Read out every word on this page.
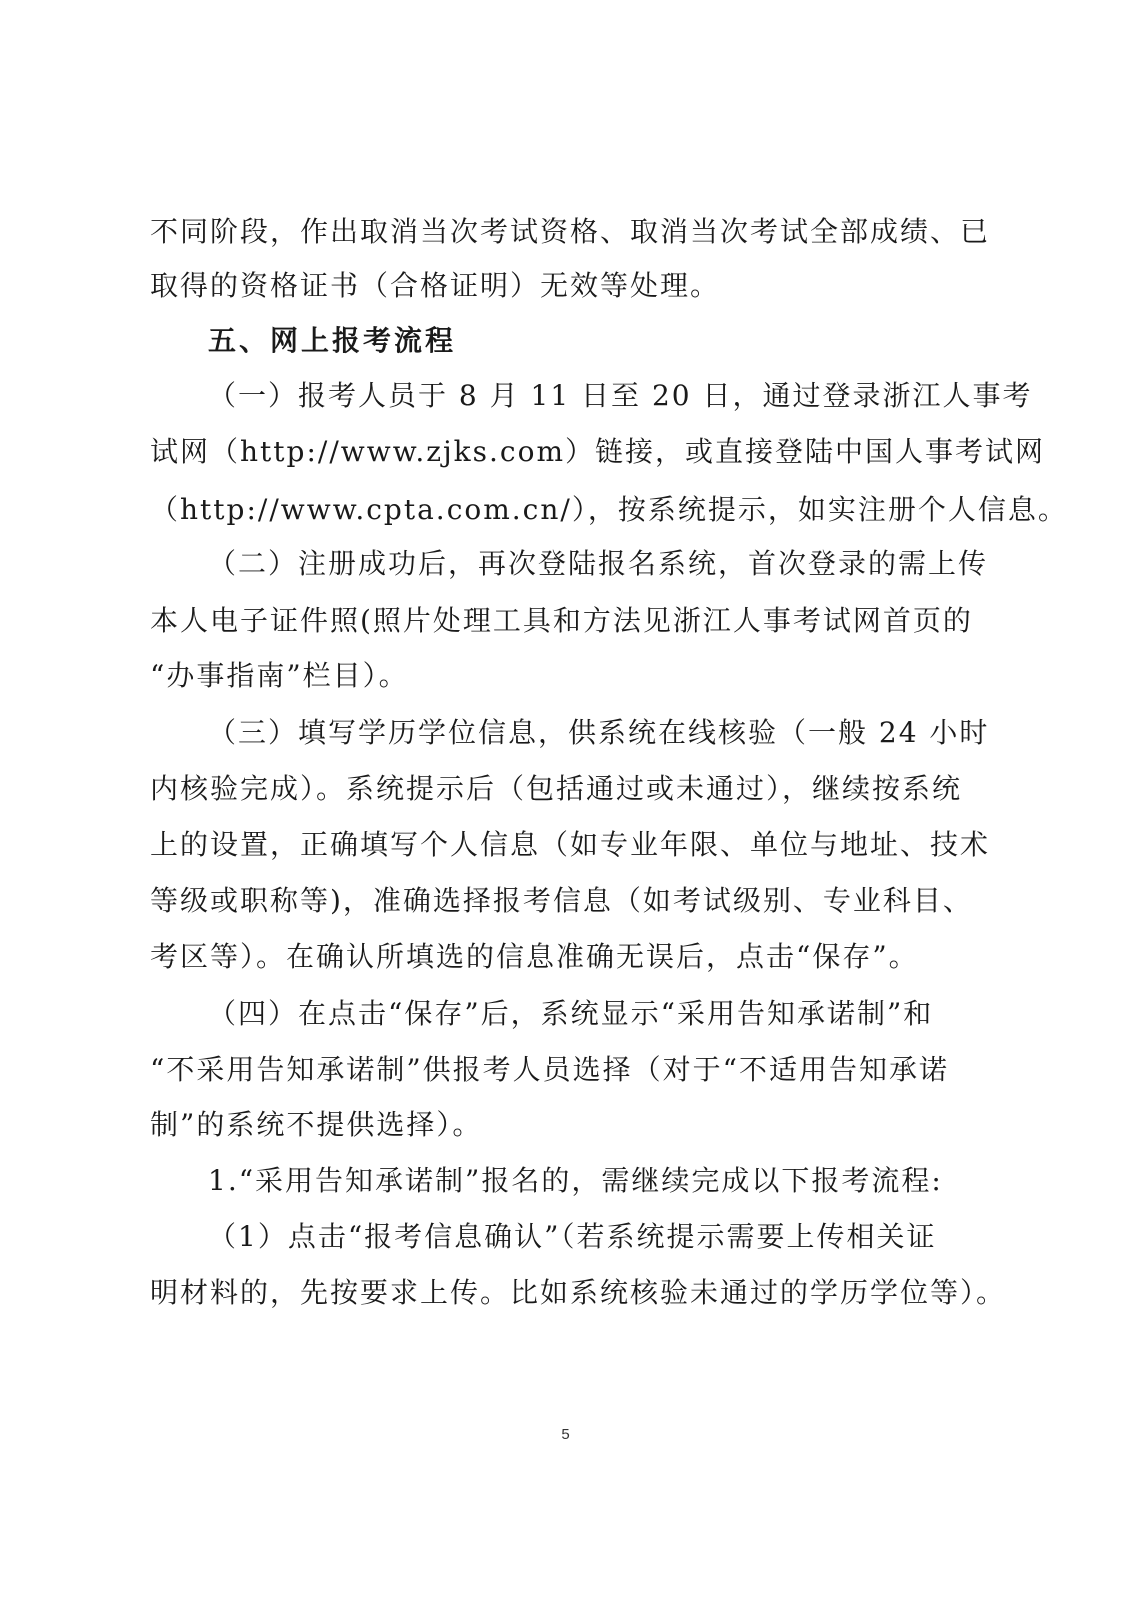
不同阶段，作出取消当次考试资格、取消当次考试全部成绩、已
取得的资格证书（合格证明）无效等处理。
五、网上报考流程
（一）报考人员于 8 月 11 日至 20 日，通过登录浙江人事考
试网（http://www.zjks.com）链接，或直接登陆中国人事考试网
（http://www.cpta.com.cn/），按系统提示，如实注册个人信息。
（二）注册成功后，再次登陆报名系统，首次登录的需上传
本人电子证件照(照片处理工具和方法见浙江人事考试网首页的
“办事指南”栏目）。
（三）填写学历学位信息，供系统在线核验（一般 24 小时
内核验完成）。系统提示后（包括通过或未通过），继续按系统
上的设置，正确填写个人信息（如专业年限、单位与地址、技术
等级或职称等)，准确选择报考信息（如考试级别、专业科目、
考区等）。在确认所填选的信息准确无误后，点击“保存”。
（四）在点击“保存”后，系统显示“采用告知承诺制”和
“不采用告知承诺制”供报考人员选择（对于“不适用告知承诺
制”的系统不提供选择）。
1.“采用告知承诺制”报名的，需继续完成以下报考流程:
（1）点击“报考信息确认”（若系统提示需要上传相关证
明材料的，先按要求上传。比如系统核验未通过的学历学位等）。
5
